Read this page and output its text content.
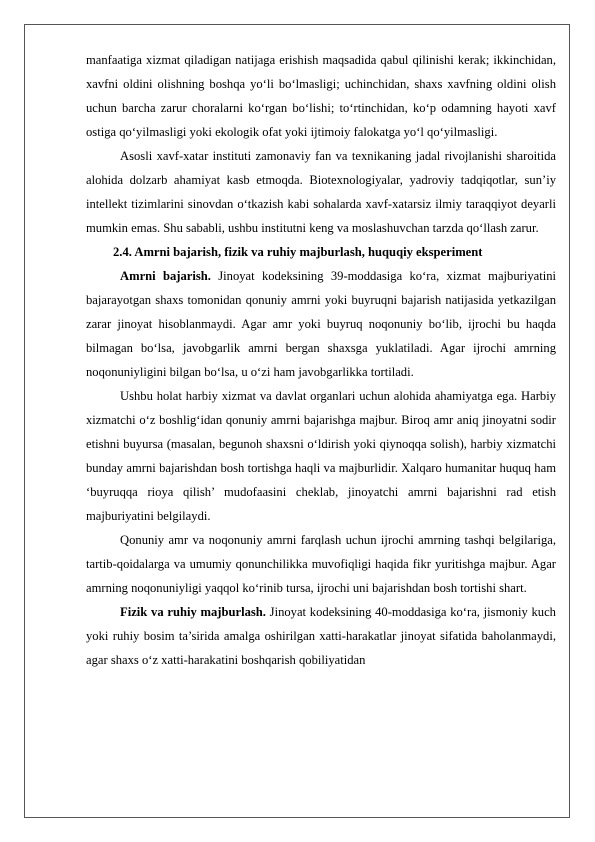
manfaatiga xizmat qiladigan natijaga erishish maqsadida qabul qilinishi kerak; ikkinchidan, xavfni oldini olishning boshqa yo‘li bo‘lmasligi; uchinchidan, shaxs xavfning oldini olish uchun barcha zarur choralarni ko‘rgan bo‘lishi; to‘rtinchidan, ko‘p odamning hayoti xavf ostiga qo‘yilmasligi yoki ekologik ofat yoki ijtimoiy falokatga yo‘l qo‘yilmasligi.

Asosli xavf-xatar instituti zamonaviy fan va texnikaning jadal rivojlanishi sharoitida alohida dolzarb ahamiyat kasb etmoqda. Biotexnologiyalar, yadroviy tadqiqotlar, sun’iy intellekt tizimlarini sinovdan o‘tkazish kabi sohalarda xavf-xatarsiz ilmiy taraqqiyot deyarli mumkin emas. Shu sababli, ushbu institutni keng va moslashuvchan tarzda qo‘llash zarur.

2.4. Amrni bajarish, fizik va ruhiy majburlash, huquqiy eksperiment

Amrni bajarish. Jinoyat kodeksining 39-moddasiga ko‘ra, xizmat majburiyatini bajarayotgan shaxs tomonidan qonuniy amrni yoki buyruqni bajarish natijasida yetkazilgan zarar jinoyat hisoblanmaydi. Agar amr yoki buyruq noqonuniy bo‘lib, ijrochi bu haqda bilmagan bo‘lsa, javobgarlik amrni bergan shaxsga yuklatiladi. Agar ijrochi amrning noqonuniyligini bilgan bo‘lsa, u o‘zi ham javobgarlikka tortiladi.

Ushbu holat harbiy xizmat va davlat organlari uchun alohida ahamiyatga ega. Harbiy xizmatchi o‘z boshlig‘idan qonuniy amrni bajarishga majbur. Biroq amr aniq jinoyatni sodir etishni buyursa (masalan, begunoh shaxsni o‘ldirish yoki qiynoqqa solish), harbiy xizmatchi bunday amrni bajarishdan bosh tortishga haqli va majburlidir. Xalqaro humanitar huquq ham ‘buyruqqa rioya qilish’ mudofaasini cheklab, jinoyatchi amrni bajarishni rad etish majburiyatini belgilaydi.

Qonuniy amr va noqonuniy amrni farqlash uchun ijrochi amrning tashqi belgilariga, tartib-qoidalarga va umumiy qonunchilikka muvofiqligi haqida fikr yuritishga majbur. Agar amrning noqonuniyligi yaqqol ko‘rinib tursa, ijrochi uni bajarishdan bosh tortishi shart.

Fizik va ruhiy majburlash. Jinoyat kodeksining 40-moddasiga ko‘ra, jismoniy kuch yoki ruhiy bosim ta’sirida amalga oshirilgan xatti-harakatlar jinoyat sifatida baholanmaydi, agar shaxs o‘z xatti-harakatini boshqarish qobiliyatidan
